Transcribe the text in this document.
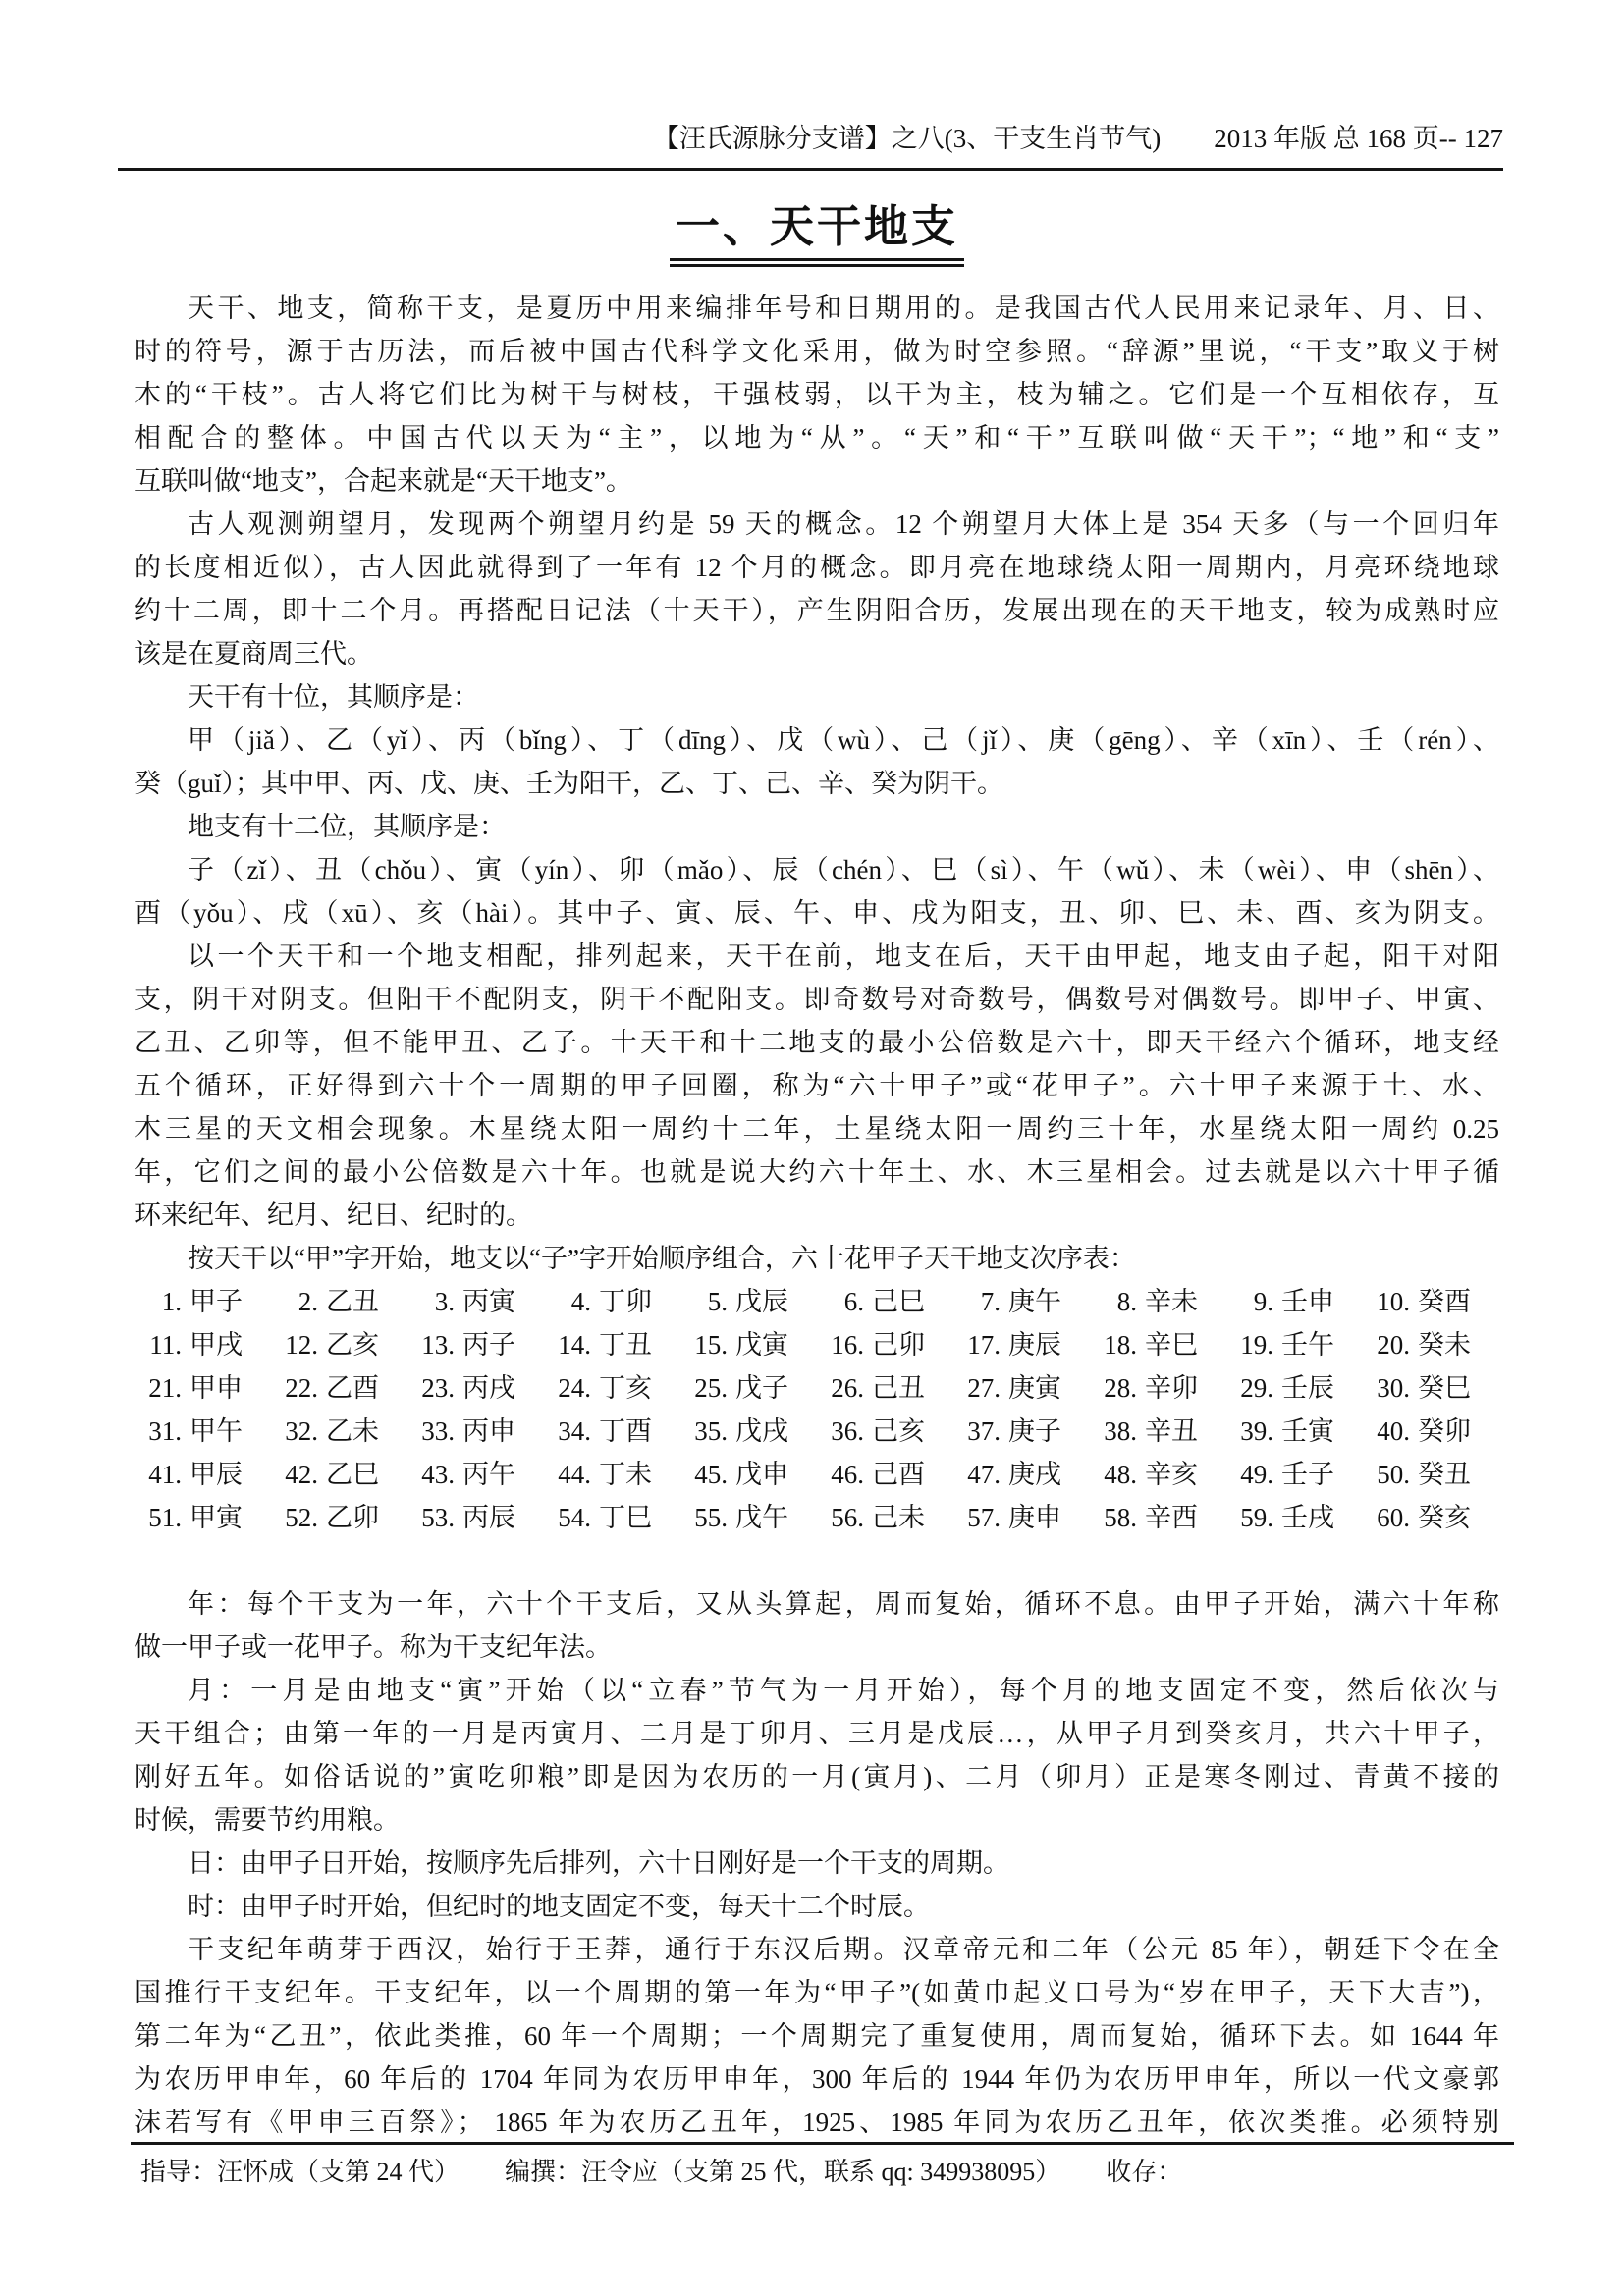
【汪氏源脉分支谱】之八(3、干支生肖节气) 2013 年版 总 168 页-- 127
一、天干地支
天干、地支，简称干支，是夏历中用来编排年号和日期用的。是我国古代人民用来记录年、月、日、
时的符号，源于古历法，而后被中国古代科学文化采用，做为时空参照。“辞源”里说，“干支”取义于树
木的“干枝”。古人将它们比为树干与树枝，干强枝弱，以干为主，枝为辅之。它们是一个互相依存，互
相配合的整体。中国古代以天为“主”，以地为“从”。“天”和“干”互联叫做“天干”；“地”和“支”
互联叫做“地支”，合起来就是“天干地支”。
古人观测朔望月，发现两个朔望月约是 59 天的概念。12 个朔望月大体上是 354 天多（与一个回归年
的长度相近似），古人因此就得到了一年有 12 个月的概念。即月亮在地球绕太阳一周期内，月亮环绕地球
约十二周，即十二个月。再搭配日记法（十天干），产生阴阳合历，发展出现在的天干地支，较为成熟时应
该是在夏商周三代。
天干有十位，其顺序是：
甲（jiǎ）、乙（yǐ）、丙（bǐng）、丁（dīng）、戊（wù）、己（jǐ）、庚（gēng）、辛（xīn）、壬（rén）、
癸（guǐ）；其中甲、丙、戊、庚、壬为阳干，乙、丁、己、辛、癸为阴干。
地支有十二位，其顺序是：
子（zǐ）、丑（chǒu）、寅（yín）、卯（mǎo）、辰（chén）、巳（sì）、午（wǔ）、未（wèi）、申（shēn）、
酉（yǒu）、戌（xū）、亥（hài）。其中子、寅、辰、午、申、戌为阳支，丑、卯、巳、未、酉、亥为阴支。
以一个天干和一个地支相配，排列起来，天干在前，地支在后，天干由甲起，地支由子起，阳干对阳
支，阴干对阴支。但阳干不配阴支，阴干不配阳支。即奇数号对奇数号，偶数号对偶数号。即甲子、甲寅、
乙丑、乙卯等，但不能甲丑、乙子。十天干和十二地支的最小公倍数是六十，即天干经六个循环，地支经
五个循环，正好得到六十个一周期的甲子回圈，称为“六十甲子”或“花甲子”。六十甲子来源于土、水、
木三星的天文相会现象。木星绕太阳一周约十二年，土星绕太阳一周约三十年，水星绕太阳一周约 0.25
年，它们之间的最小公倍数是六十年。也就是说大约六十年土、水、木三星相会。过去就是以六十甲子循
环来纪年、纪月、纪日、纪时的。
按天干以“甲”字开始，地支以“子”字开始顺序组合，六十花甲子天干地支次序表：
1. 甲子	2. 乙丑	3. 丙寅	4. 丁卯	5. 戊辰	6. 己巳	7. 庚午	8. 辛未	9. 壬申	10. 癸酉
11. 甲戌	12. 乙亥	13. 丙子	14. 丁丑	15. 戊寅	16. 己卯	17. 庚辰	18. 辛巳	19. 壬午	20. 癸未
21. 甲申	22. 乙酉	23. 丙戌	24. 丁亥	25. 戊子	26. 己丑	27. 庚寅	28. 辛卯	29. 壬辰	30. 癸巳
31. 甲午	32. 乙未	33. 丙申	34. 丁酉	35. 戊戌	36. 己亥	37. 庚子	38. 辛丑	39. 壬寅	40. 癸卯
41. 甲辰	42. 乙巳	43. 丙午	44. 丁未	45. 戊申	46. 己酉	47. 庚戌	48. 辛亥	49. 壬子	50. 癸丑
51. 甲寅	52. 乙卯	53. 丙辰	54. 丁巳	55. 戊午	56. 己未	57. 庚申	58. 辛酉	59. 壬戌	60. 癸亥
年：每个干支为一年，六十个干支后，又从头算起，周而复始，循环不息。由甲子开始，满六十年称
做一甲子或一花甲子。称为干支纪年法。
月：一月是由地支“寅”开始（以“立春”节气为一月开始），每个月的地支固定不变，然后依次与
天干组合；由第一年的一月是丙寅月、二月是丁卯月、三月是戊辰…，从甲子月到癸亥月，共六十甲子，
刚好五年。如俗话说的”寅吃卯粮”即是因为农历的一月(寅月)、二月（卯月）正是寒冬刚过、青黄不接的
时候，需要节约用粮。
日：由甲子日开始，按顺序先后排列，六十日刚好是一个干支的周期。
时：由甲子时开始，但纪时的地支固定不变，每天十二个时辰。
干支纪年萌芽于西汉，始行于王莽，通行于东汉后期。汉章帝元和二年（公元 85 年），朝廷下令在全
国推行干支纪年。干支纪年，以一个周期的第一年为“甲子”(如黄巾起义口号为“岁在甲子，天下大吉”)，
第二年为“乙丑”，依此类推，60 年一个周期；一个周期完了重复使用，周而复始，循环下去。如 1644 年
为农历甲申年，60 年后的 1704 年同为农历甲申年，300 年后的 1944 年仍为农历甲申年，所以一代文豪郭
沫若写有《甲申三百祭》； 1865 年为农历乙丑年，1925、1985 年同为农历乙丑年，依次类推。必须特别
指导：汪怀成（支第 24 代） 编撰：汪令应（支第 25 代，联系 qq: 349938095） 收存：
